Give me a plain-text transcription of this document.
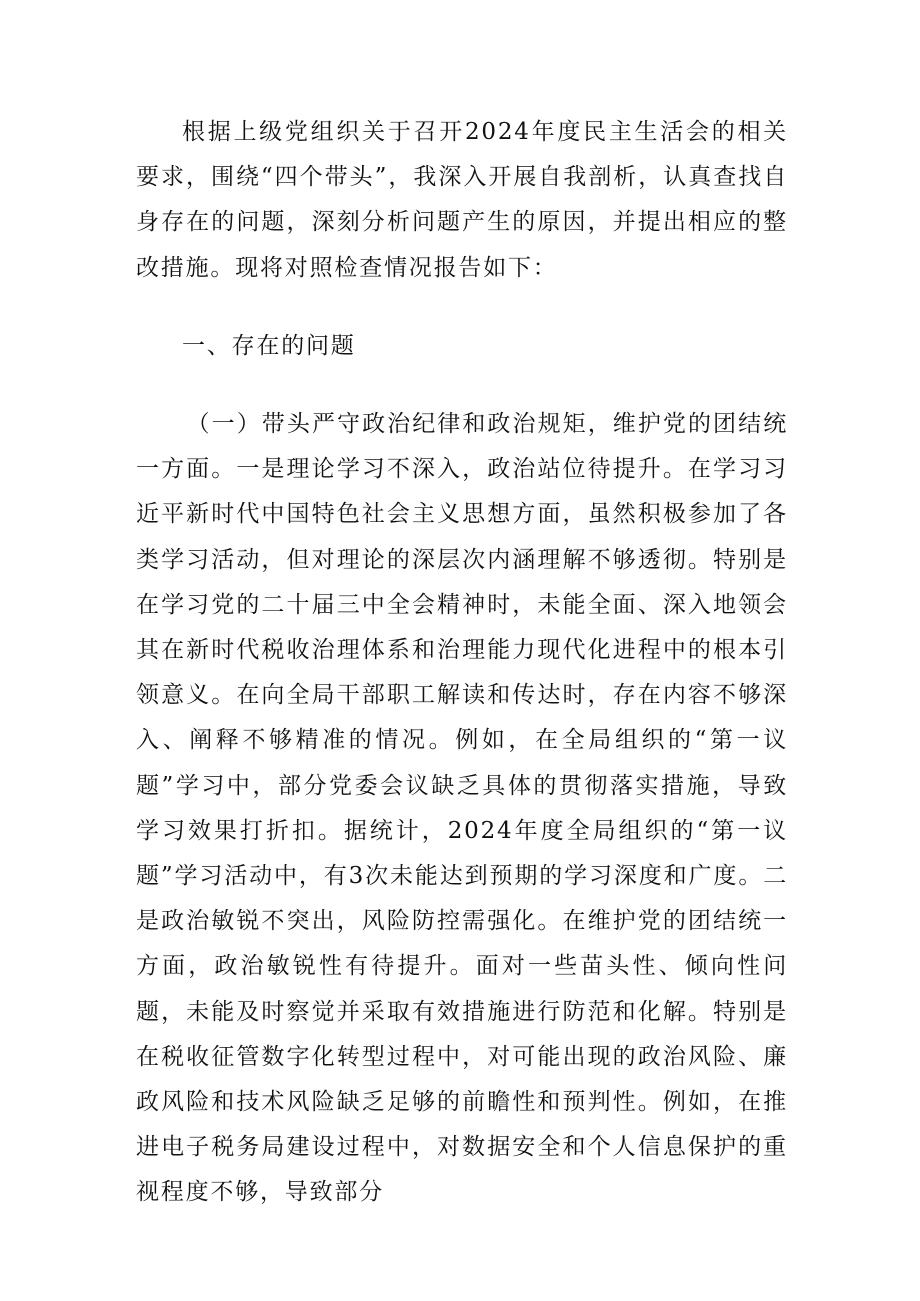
根据上级党组织关于召开2024年度民主生活会的相关要求，围绕“四个带头”，我深入开展自我剖析，认真查找自身存在的问题，深刻分析问题产生的原因，并提出相应的整改措施。现将对照检查情况报告如下：

一、存在的问题

（一）带头严守政治纪律和政治规矩，维护党的团结统一方面。一是理论学习不深入，政治站位待提升。在学习习近平新时代中国特色社会主义思想方面，虽然积极参加了各类学习活动，但对理论的深层次内涵理解不够透彻。特别是在学习党的二十届三中全会精神时，未能全面、深入地领会其在新时代税收治理体系和治理能力现代化进程中的根本引领意义。在向全局干部职工解读和传达时，存在内容不够深入、阐释不够精准的情况。例如，在全局组织的“第一议题”学习中，部分党委会议缺乏具体的贯彻落实措施，导致学习效果打折扣。据统计，2024年度全局组织的“第一议题”学习活动中，有3次未能达到预期的学习深度和广度。二是政治敏锐不突出，风险防控需强化。在维护党的团结统一方面，政治敏锐性有待提升。面对一些苗头性、倾向性问题，未能及时察觉并采取有效措施进行防范和化解。特别是在税收征管数字化转型过程中，对可能出现的政治风险、廉政风险和技术风险缺乏足够的前瞻性和预判性。例如，在推进电子税务局建设过程中，对数据安全和个人信息保护的重视程度不够，导致部分
